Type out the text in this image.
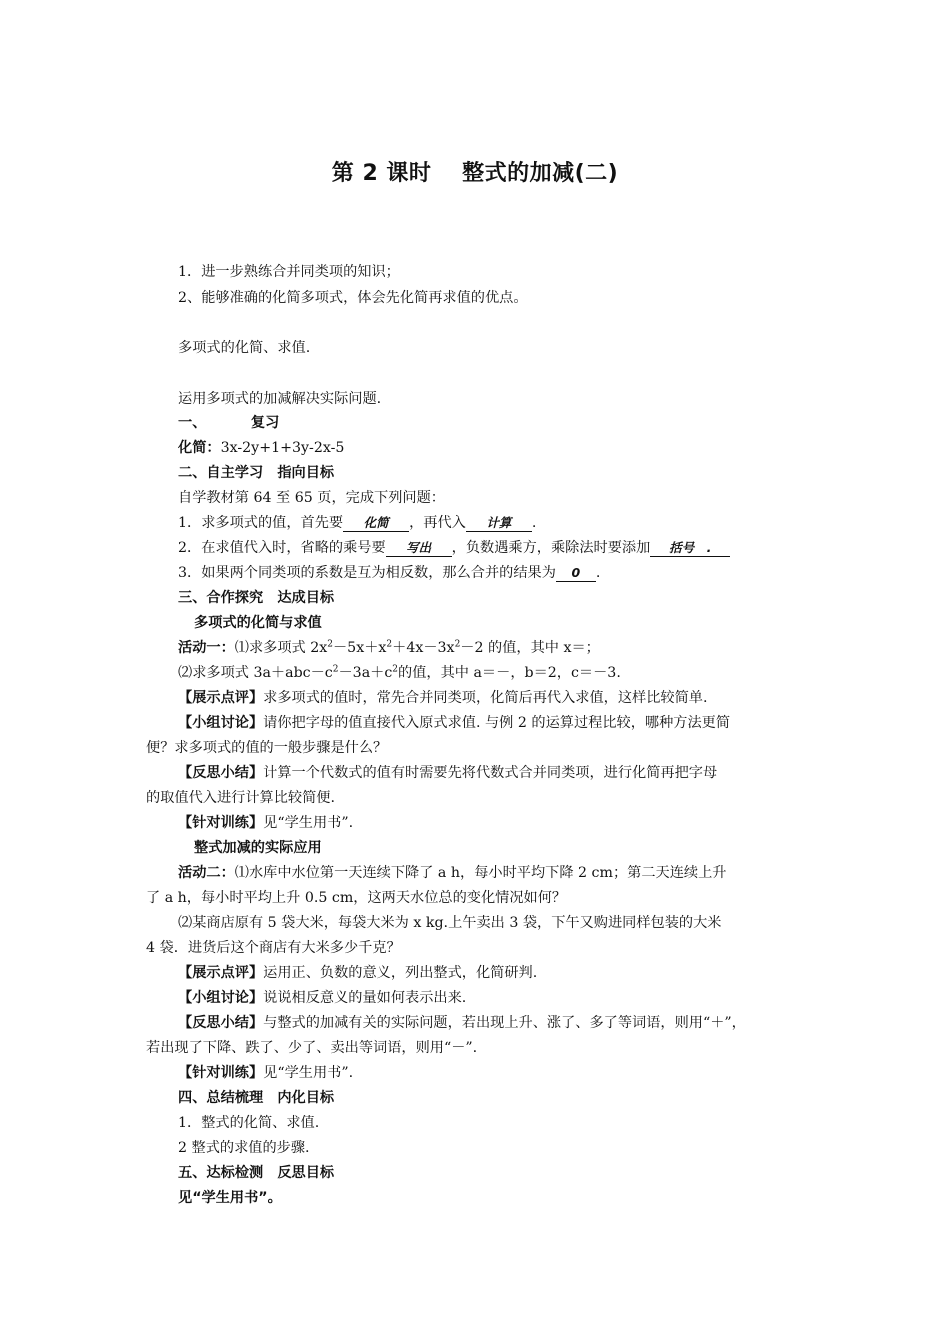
第 2 课时　 整式的加减(二)
1．进一步熟练合并同类项的知识；
2、能够准确的化简多项式，体会先化简再求值的优点。
多项式的化简、求值.
运用多项式的加减解决实际问题.
一、	复习
化简：3x-2y+1+3y-2x-5
二、自主学习　指向目标
自学教材第 64 至 65 页，完成下列问题：
1．求多项式的值，首先要 化简 ，再代入 计算 .
2．在求值代入时，省略的乘号要 写出 ，负数遇乘方，乘除法时要添加 括号　.
3．如果两个同类项的系数是互为相反数，那么合并的结果为 0 .
三、合作探究　达成目标
多项式的化简与求值
活动一：⑴求多项式 $2x^2-5x+x^2+4x-3x^2-2$ 的值，其中 x＝；
⑵求多项式 $3a+abc-c^2-3a+c^2$的值，其中 a＝－，b＝2，c＝－3.
【展示点评】求多项式的值时，常先合并同类项，化简后再代入求值，这样比较简单.
【小组讨论】请你把字母的值直接代入原式求值. 与例 2 的运算过程比较，哪种方法更简
便？求多项式的值的一般步骤是什么？
【反思小结】计算一个代数式的值有时需要先将代数式合并同类项，进行化简再把字母
的取值代入进行计算比较简便.
【针对训练】见“学生用书”.
整式加减的实际应用
活动二：⑴水库中水位第一天连续下降了 a h，每小时平均下降 2 cm；第二天连续上升
了 a h，每小时平均上升 0.5 cm，这两天水位总的变化情况如何？
⑵某商店原有 5 袋大米，每袋大米为 x kg.上午卖出 3 袋，下午又购进同样包装的大米
4 袋．进货后这个商店有大米多少千克？
【展示点评】运用正、负数的意义，列出整式，化简研判.
【小组讨论】说说相反意义的量如何表示出来.
【反思小结】与整式的加减有关的实际问题，若出现上升、涨了、多了等词语，则用“＋”，
若出现了下降、跌了、少了、卖出等词语，则用“－”.
【针对训练】见“学生用书”.
四、总结梳理　内化目标
1．整式的化简、求值.
2 整式的求值的步骤.
五、达标检测　反思目标
见“学生用书”。
